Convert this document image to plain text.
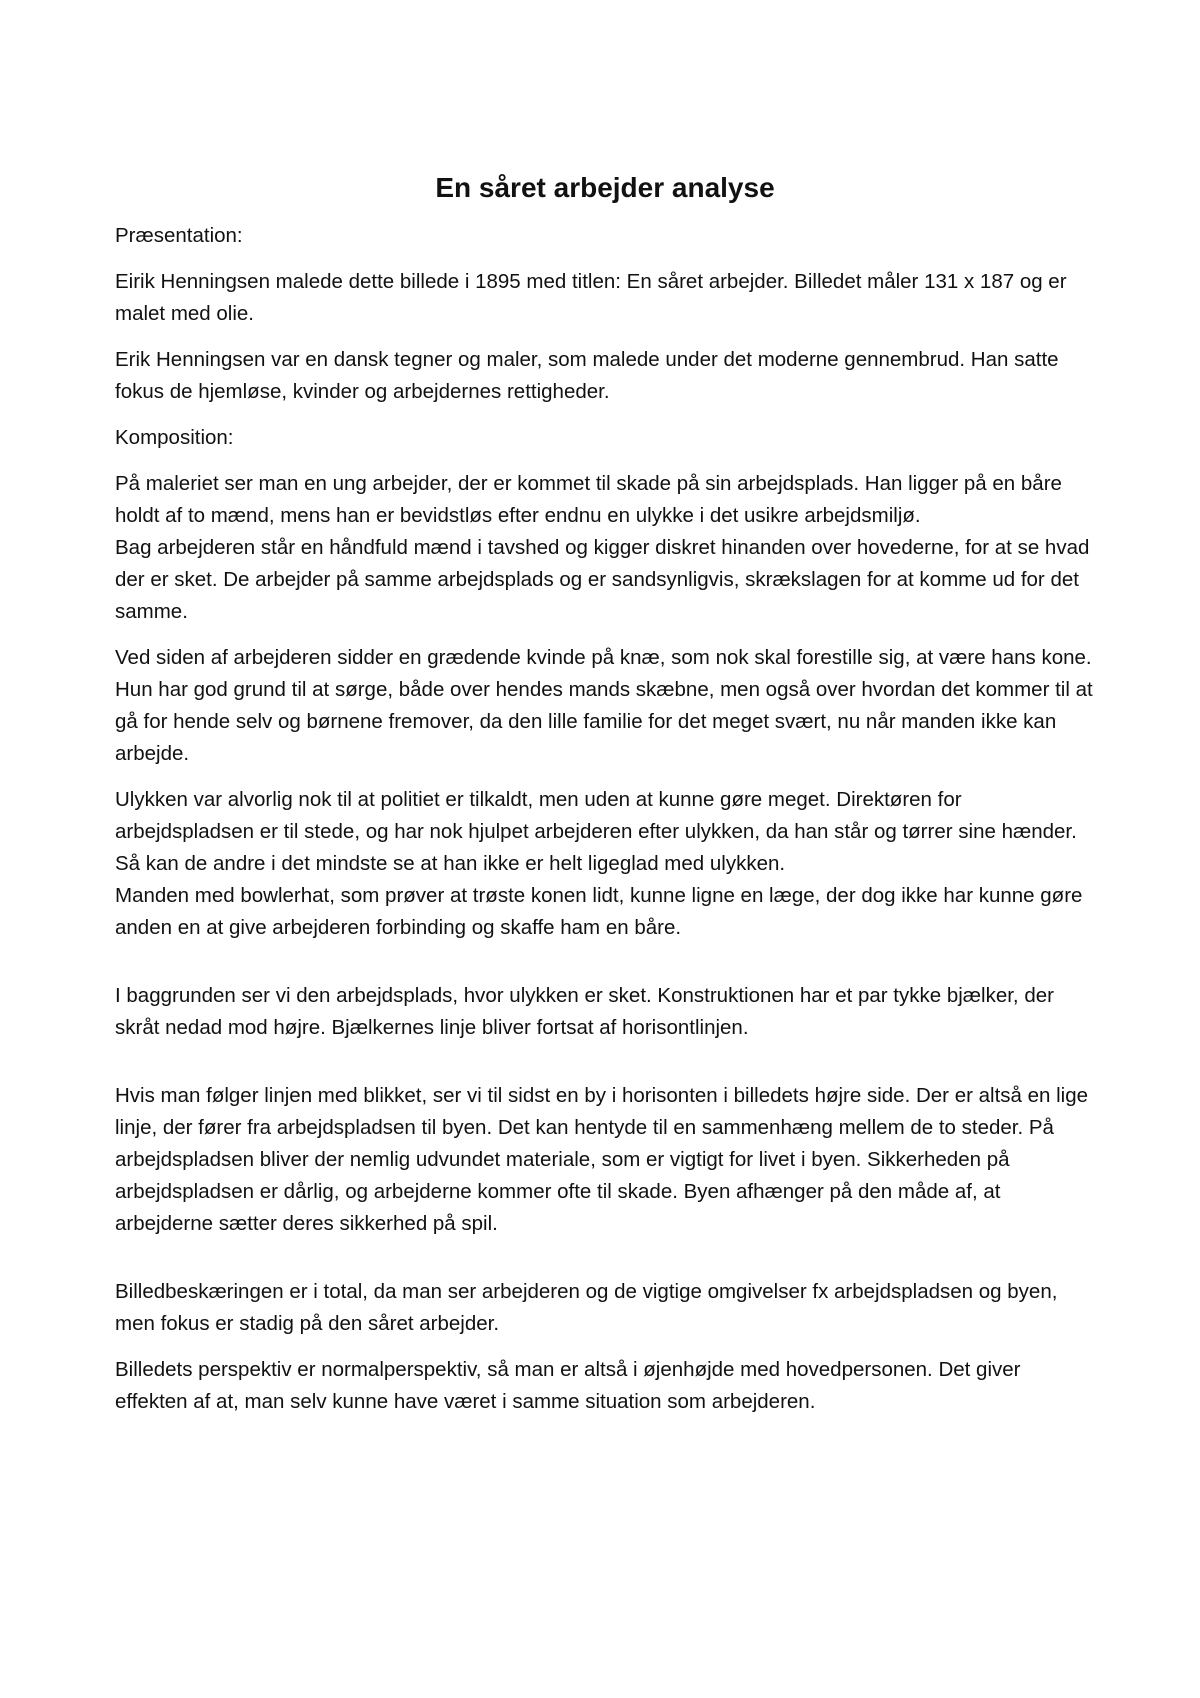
En såret arbejder analyse
Præsentation:

Eirik Henningsen malede dette billede i 1895 med titlen: En såret arbejder. Billedet måler 131 x 187 og er malet med olie.

Erik Henningsen var en dansk tegner og maler, som malede under det moderne gennembrud. Han satte fokus de hjemløse, kvinder og arbejdernes rettigheder.

Komposition:
På maleriet ser man en ung arbejder, der er kommet til skade på sin arbejdsplads. Han ligger på en båre holdt af to mænd, mens han er bevidstløs efter endnu en ulykke i det usikre arbejdsmiljø.
Bag arbejderen står en håndfuld mænd i tavshed og kigger diskret hinanden over hovederne, for at se hvad der er sket. De arbejder på samme arbejdsplads og er sandsynligvis, skrækslagen for at komme ud for det samme.

Ved siden af arbejderen sidder en grædende kvinde på knæ, som nok skal forestille sig, at være hans kone. Hun har god grund til at sørge, både over hendes mands skæbne, men også over hvordan det kommer til at gå for hende selv og børnene fremover, da den lille familie for det meget svært, nu når manden ikke kan arbejde.

Ulykken var alvorlig nok til at politiet er tilkaldt, men uden at kunne gøre meget. Direktøren for arbejdspladsen er til stede, og har nok hjulpet arbejderen efter ulykken, da han står og tørrer sine hænder. Så kan de andre i det mindste se at han ikke er helt ligeglad med ulykken.
Manden med bowlerhat, som prøver at trøste konen lidt, kunne ligne en læge, der dog ikke har kunne gøre anden en at give arbejderen forbinding og skaffe ham en båre.

I baggrunden ser vi den arbejdsplads, hvor ulykken er sket. Konstruktionen har et par tykke bjælker, der skråt nedad mod højre. Bjælkernes linje bliver fortsat af horisontlinjen.

Hvis man følger linjen med blikket, ser vi til sidst en by i horisonten i billedets højre side. Der er altså en lige linje, der fører fra arbejdspladsen til byen. Det kan hentyde til en sammenhæng mellem de to steder. På arbejdspladsen bliver der nemlig udvundet materiale, som er vigtigt for livet i byen. Sikkerheden på arbejdspladsen er dårlig, og arbejderne kommer ofte til skade. Byen afhænger på den måde af, at arbejderne sætter deres sikkerhed på spil.

Billedbeskæringen er i total, da man ser arbejderen og de vigtige omgivelser fx arbejdspladsen og byen, men fokus er stadig på den såret arbejder.

Billedets perspektiv er normalperspektiv, så man er altså i øjenhøjde med hovedpersonen. Det giver effekten af at, man selv kunne have været i samme situation som arbejderen.
